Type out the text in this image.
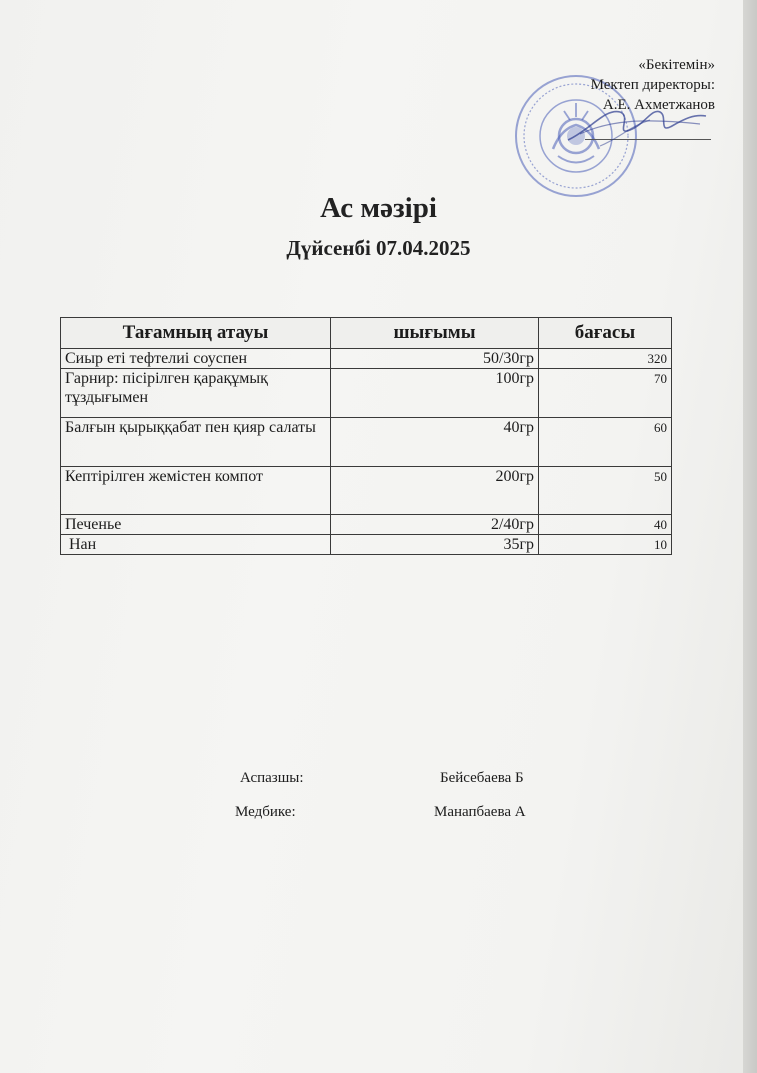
«Бекітемін»
Мектеп директоры:
А.Е. Ахметжанов
Ас мәзірі
Дүйсенбі 07.04.2025
Тағамның атауы	шығымы	бағасы
Сиыр еті тефтелиі соуспен	50/30гр	320
Гарнир: пісірілген қарақұмық тұздығымен	100гр	70
Балғын қырыққабат пен қияр салаты	40гр	60
Кептірілген жемістен компот	200гр	50
Печенье	2/40гр	40
Нан	35гр	10
Аспазшы:	Бейсебаева Б
Медбике:	Манапбаева А
